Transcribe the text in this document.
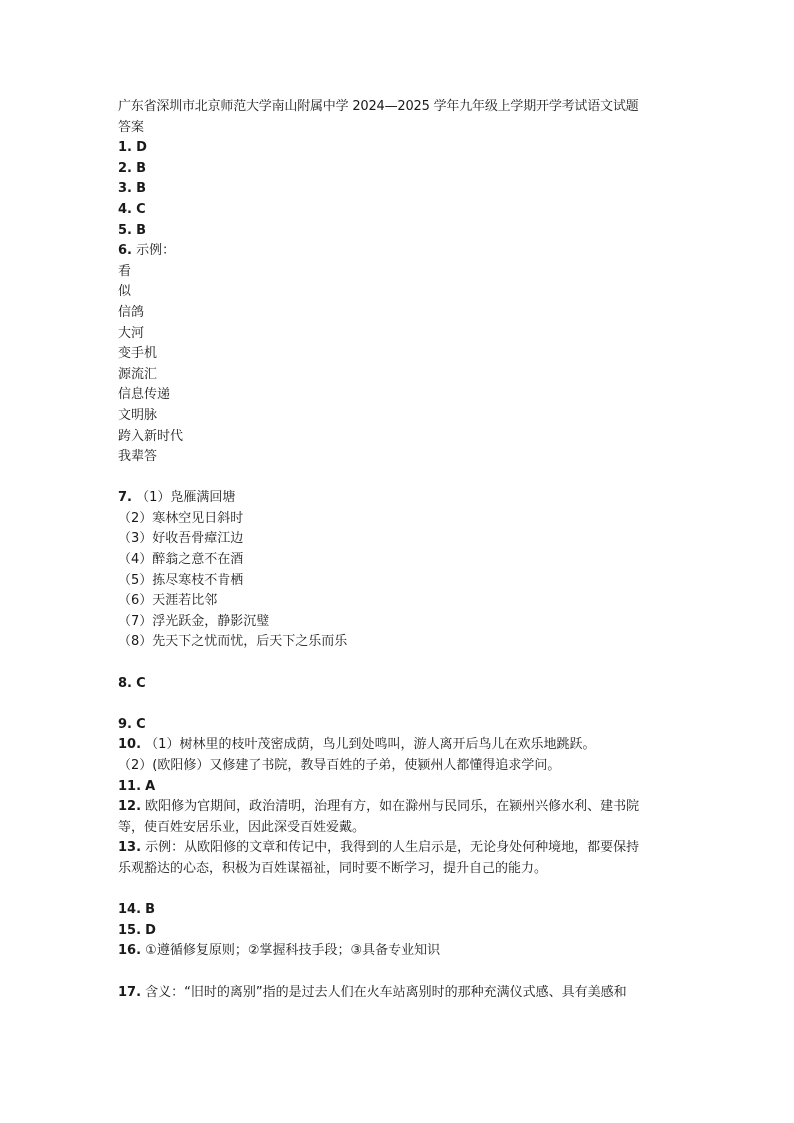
广东省深圳市北京师范大学南山附属中学 2024—2025 学年九年级上学期开学考试语文试题
答案
1. D
2. B
3. B
4. C
5. B
6. 示例：
看
似
信鸽
大河
变手机
源流汇
信息传递
文明脉
跨入新时代
我辈答
7. （1）凫雁满回塘
（2）寒林空见日斜时
（3）好收吾骨瘴江边
（4）醉翁之意不在酒
（5）拣尽寒枝不肯栖
（6）天涯若比邻
（7）浮光跃金，静影沉璧
（8）先天下之忧而忧，后天下之乐而乐
8. C
9. C
10. （1）树林里的枝叶茂密成荫，鸟儿到处鸣叫，游人离开后鸟儿在欢乐地跳跃。
（2）(欧阳修）又修建了书院，教导百姓的子弟，使颍州人都懂得追求学问。
11. A
12. 欧阳修为官期间，政治清明，治理有方，如在滁州与民同乐，在颍州兴修水利、建书院
等，使百姓安居乐业，因此深受百姓爱戴。
13. 示例：从欧阳修的文章和传记中，我得到的人生启示是，无论身处何种境地，都要保持
乐观豁达的心态，积极为百姓谋福祉，同时要不断学习，提升自己的能力。
14. B
15. D
16. ①遵循修复原则；②掌握科技手段；③具备专业知识
17. 含义：“旧时的离别”指的是过去人们在火车站离别时的那种充满仪式感、具有美感和
